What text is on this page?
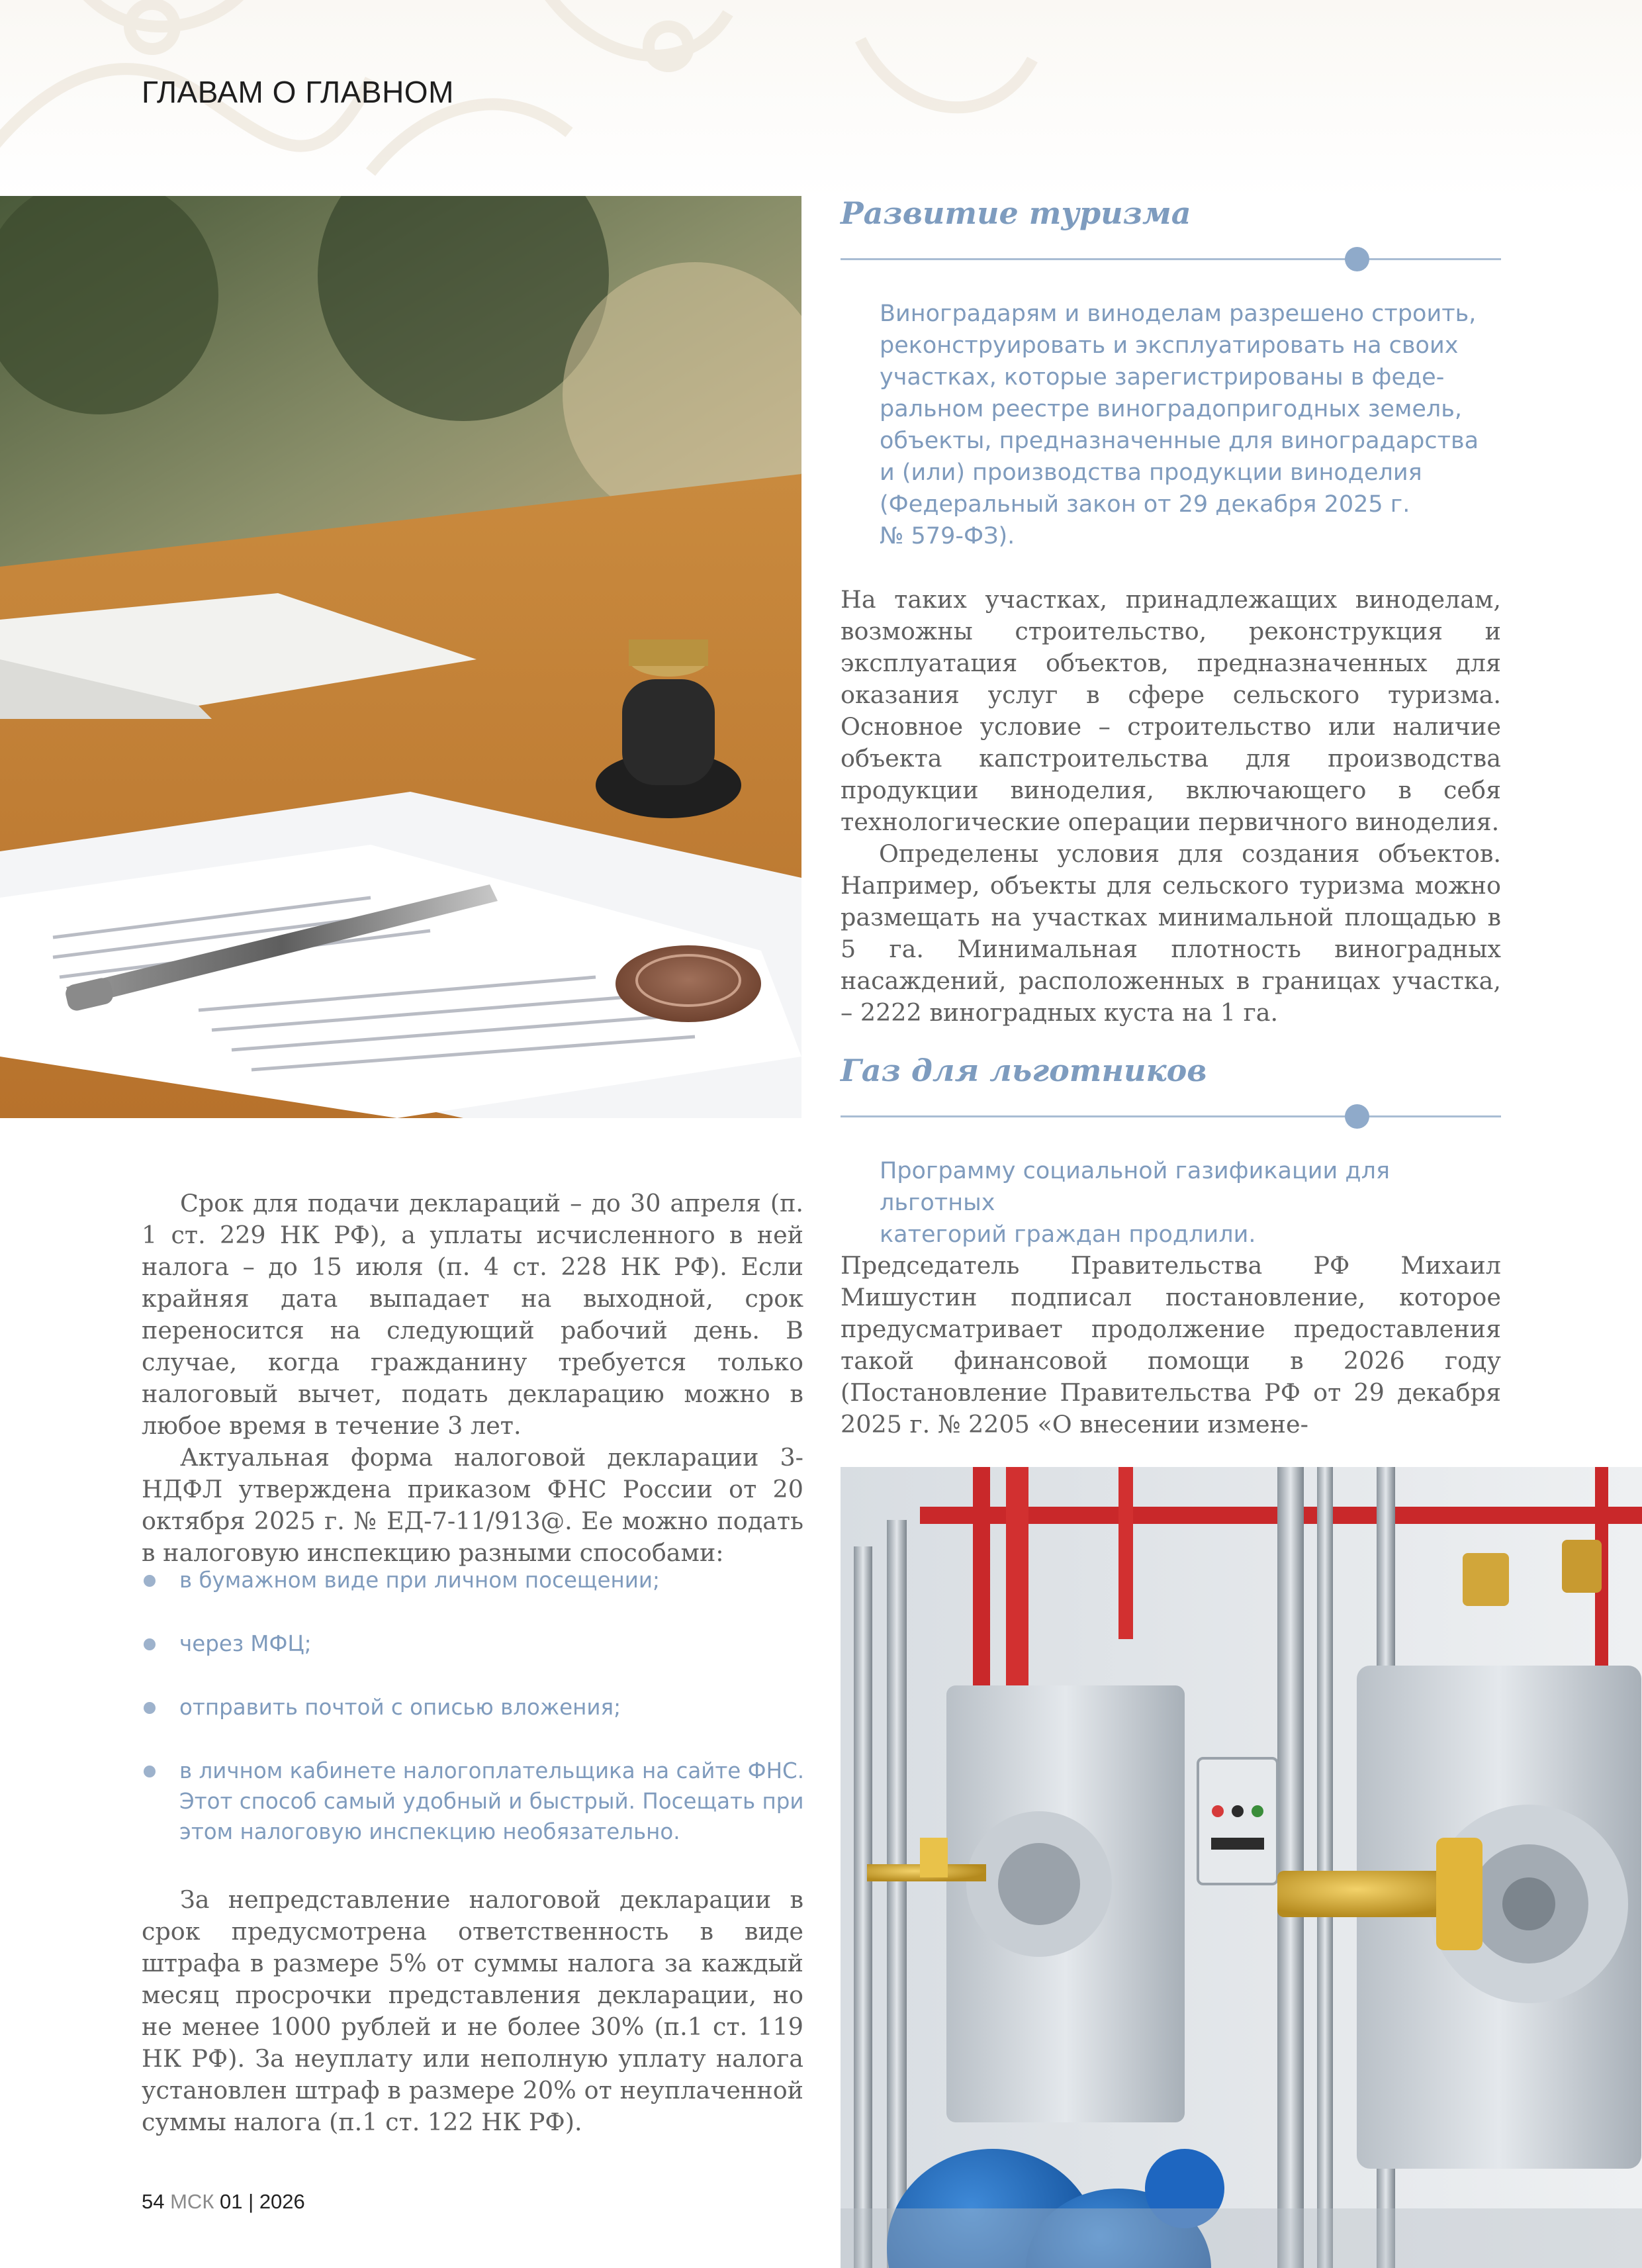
ГЛАВАМ О ГЛАВНОМ
Развитие туризма
Виноградарям и виноделам разрешено строить,
реконструировать и эксплуатировать на своих
участках, которые зарегистрированы в феде-
ральном реестре виноградопригодных земель,
объекты, предназначенные для виноградарства
и (или) производства продукции виноделия
(Федеральный закон от 29 декабря 2025 г.
№ 579-ФЗ).

На таких участках, принадлежащих виноделам, возможны строительство, реконструкция и эксплуатация объектов, предназначенных для оказания услуг в сфере сельского туризма. Основное условие – строительство или наличие объекта капстроительства для производства продукции виноделия, включающего в себя технологические операции первичного виноделия.

Определены условия для создания объектов. Например, объекты для сельского туризма можно размещать на участках минимальной площадью в 5 га. Минимальная плотность виноградных насаждений, расположенных в границах участка, – 2222 виноградных куста на 1 га.

Газ для льготников
Программу социальной газификации для льготных
категорий граждан продлили.

Председатель Правительства РФ Михаил Мишустин подписал постановление, которое предусматривает продолжение предоставления такой финансовой помощи в 2026 году (Постановление Правительства РФ от 29 декабря 2025 г. № 2205 «О внесении измене-

Срок для подачи деклараций – до 30 апреля (п. 1 ст. 229 НК РФ), а уплаты исчисленного в ней налога – до 15 июля (п. 4 ст. 228 НК РФ). Если крайняя дата выпадает на выходной, срок переносится на следующий рабочий день. В случае, когда гражданину требуется только налоговый вычет, подать декларацию можно в любое время в течение 3 лет.

Актуальная форма налоговой декларации 3-НДФЛ утверждена приказом ФНС России от 20 октября 2025 г. № ЕД-7-11/913@. Ее можно подать в налоговую инспекцию разными способами:

в бумажном виде при личном посещении;
через МФЦ;
отправить почтой с описью вложения;
в личном кабинете налогоплательщика на сайте ФНС. Этот способ самый удобный и быстрый. Посещать при этом налоговую инспекцию необязательно.

За непредставление налоговой декларации в срок предусмотрена ответственность в виде штрафа в размере 5% от суммы налога за каждый месяц просрочки представления декларации, но не менее 1000 рублей и не более 30% (п.1 ст. 119 НК РФ). За неуплату или неполную уплату налога установлен штраф в размере 20% от неуплаченной суммы налога (п.1 ст. 122 НК РФ).

54 МСК 01 | 2026
